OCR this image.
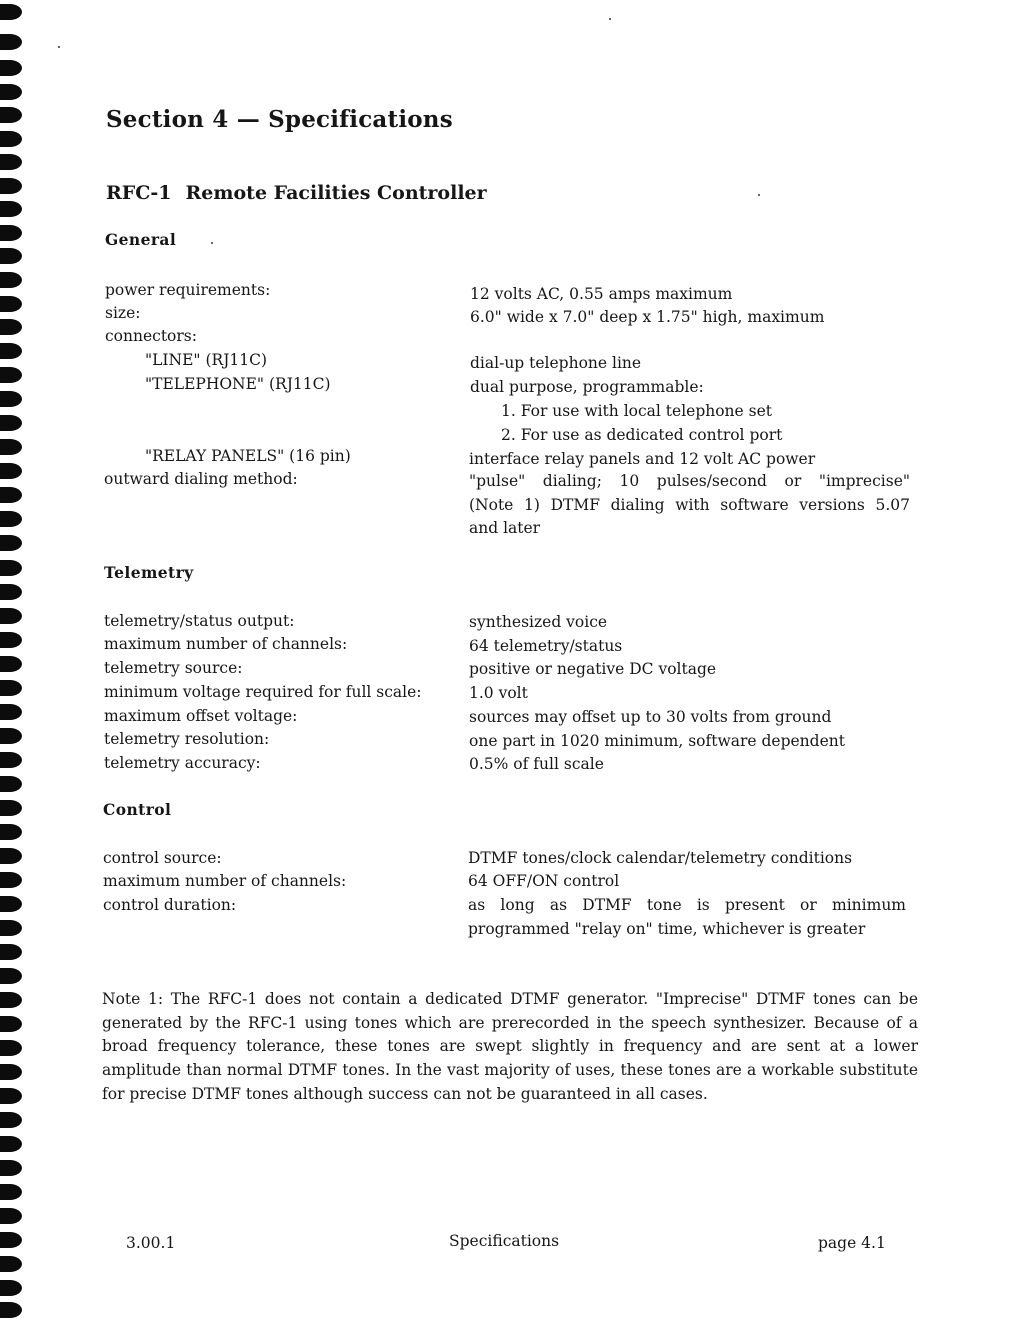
Section 4 — Specifications
RFC-1 Remote Facilities Controller
General
power requirements:
size:
connectors:
"LINE" (RJ11C)
"TELEPHONE" (RJ11C)
"RELAY PANELS" (16 pin)
outward dialing method:
12 volts AC, 0.55 amps maximum
6.0" wide x 7.0" deep x 1.75" high, maximum
dial-up telephone line
dual purpose, programmable:
1. For use with local telephone set
2. For use as dedicated control port
interface relay panels and 12 volt AC power
"pulse" dialing; 10 pulses/second or "imprecise"
(Note 1) DTMF dialing with software versions 5.07
and later
Telemetry
telemetry/status output:
maximum number of channels:
telemetry source:
minimum voltage required for full scale:
maximum offset voltage:
telemetry resolution:
telemetry accuracy:
synthesized voice
64 telemetry/status
positive or negative DC voltage
1.0 volt
sources may offset up to 30 volts from ground
one part in 1020 minimum, software dependent
0.5% of full scale
Control
control source:
maximum number of channels:
control duration:
DTMF tones/clock calendar/telemetry conditions
64 OFF/ON control
as long as DTMF tone is present or minimum
programmed "relay on" time, whichever is greater
Note 1: The RFC-1 does not contain a dedicated DTMF generator. "Imprecise" DTMF tones can be generated by the RFC-1 using tones which are prerecorded in the speech synthesizer. Because of a broad frequency tolerance, these tones are swept slightly in frequency and are sent at a lower amplitude than normal DTMF tones. In the vast majority of uses, these tones are a workable substitute for precise DTMF tones although success can not be guaranteed in all cases.
3.00.1	Specifications	page 4.1
